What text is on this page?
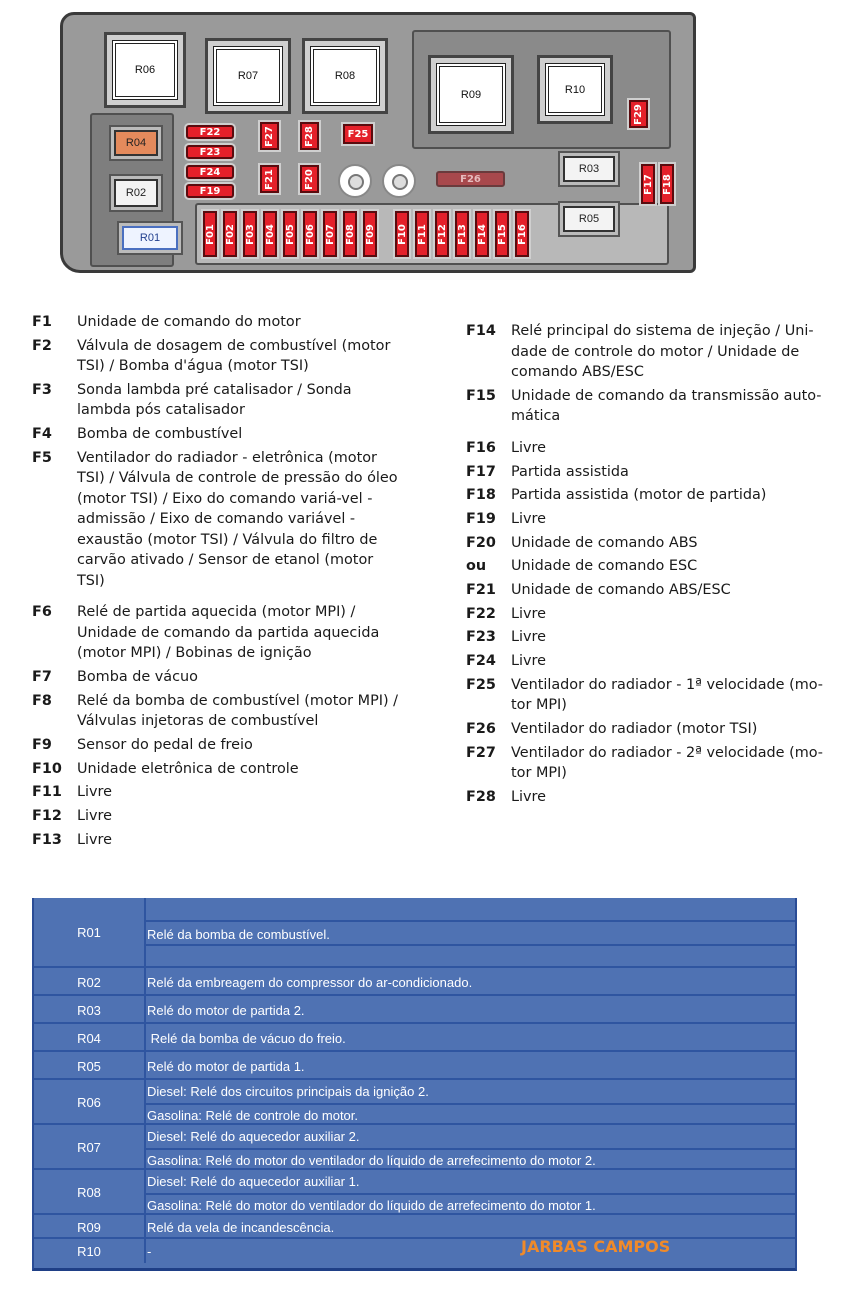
R06	R07	R08
R09	R10
R04
R02
R01
R03
R05
F22
F23
F24
F19
F27	F28
F21	F20
F25
F29
F26
F01 F02 F03 F04 F05 F06 F07 F08 F09 F10 F11 F12 F13 F14 F15 F16
F17 F18
F1	Unidade de comando do motor
F2	Válvula de dosagem de combustível (motor TSI) / Bomba d'água (motor TSI)
F3	Sonda lambda pré catalisador / Sonda lambda pós catalisador
F4	Bomba de combustível
F5	Ventilador do radiador - eletrônica (motor TSI) / Válvula de controle de pressão do óleo (motor TSI) / Eixo do comando variá-vel - admissão / Eixo de comando variável - exaustão (motor TSI) / Válvula do filtro de carvão ativado / Sensor de etanol (motor TSI)
F6	Relé de partida aquecida (motor MPI) / Unidade de comando da partida aquecida (motor MPI) / Bobinas de ignição
F7	Bomba de vácuo
F8	Relé da bomba de combustível (motor MPI) / Válvulas injetoras de combustível
F9	Sensor do pedal de freio
F10	Unidade eletrônica de controle
F11	Livre
F12	Livre
F13	Livre
F14	Relé principal do sistema de injeção / Uni-dade de controle do motor / Unidade de comando ABS/ESC
F15	Unidade de comando da transmissão auto-mática
F16	Livre
F17	Partida assistida
F18	Partida assistida (motor de partida)
F19	Livre
F20	Unidade de comando ABS
ou	Unidade de comando ESC
F21	Unidade de comando ABS/ESC
F22	Livre
F23	Livre
F24	Livre
F25	Ventilador do radiador - 1ª velocidade (mo-tor MPI)
F26	Ventilador do radiador (motor TSI)
F27	Ventilador do radiador - 2ª velocidade (mo-tor MPI)
F28	Livre
R01	Relé da bomba de combustível.
R02	Relé da embreagem do compressor do ar-condicionado.
R03	Relé do motor de partida 2.
R04	Relé da bomba de vácuo do freio.
R05	Relé do motor de partida 1.
R06
Diesel: Relé dos circuitos principais da ignição 2.
Gasolina: Relé de controle do motor.
R07
Diesel: Relé do aquecedor auxiliar 2.
Gasolina: Relé do motor do ventilador do líquido de arrefecimento do motor 2.
R08
Diesel: Relé do aquecedor auxiliar 1.
Gasolina: Relé do motor do ventilador do líquido de arrefecimento do motor 1.
R09	Relé da vela de incandescência.
R10	-	JARBAS CAMPOS
